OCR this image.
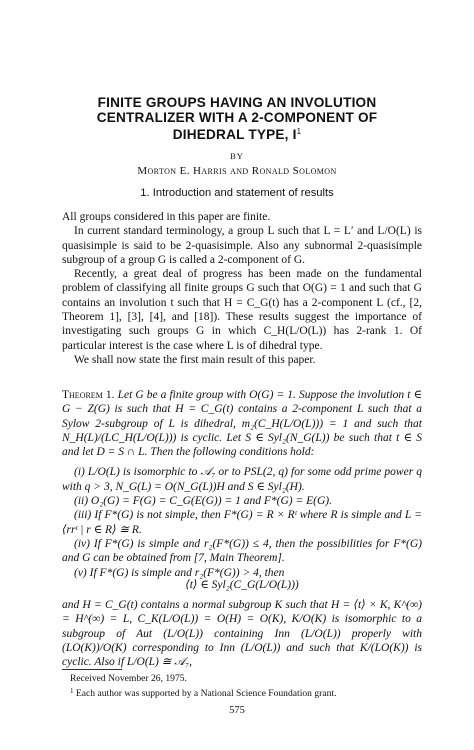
FINITE GROUPS HAVING AN INVOLUTION
CENTRALIZER WITH A 2-COMPONENT OF
DIHEDRAL TYPE, $I^1$
BY
Morton E. Harris and Ronald Solomon
1. Introduction and statement of results

All groups considered in this paper are finite.

In current standard terminology, a group L such that L = L′ and L/O(L) is quasisimple is said to be 2-quasisimple. Also any subnormal 2-quasisimple subgroup of a group G is called a 2-component of G.

Recently, a great deal of progress has been made on the fundamental problem of classifying all finite groups G such that O(G) = 1 and such that G contains an involution t such that H = C_G(t) has a 2-component L (cf., [2, Theorem 1], [3], [4], and [18]). These results suggest the importance of investigating such groups G in which C_H(L/O(L)) has 2-rank 1. Of particular interest is the case where L is of dihedral type.

We shall now state the first main result of this paper.

Theorem 1. Let G be a finite group with O(G) = 1. Suppose the involution t ∈ G − Z(G) is such that H = C_G(t) contains a 2-component L such that a Sylow 2-subgroup of L is dihedral, m₂(C_H(L/O(L))) = 1 and such that N_H(L)/(LC_H(L/O(L))) is cyclic. Let S ∈ Syl₂(N_G(L)) be such that t ∈ S and let D = S ∩ L. Then the following conditions hold:

(i) L/O(L) is isomorphic to 𝒜₇ or to PSL(2, q) for some odd prime power q with q > 3, N_G(L) = O(N_G(L))H and S ∈ Syl₂(H).

(ii) O₂(G) = F(G) = C_G(E(G)) = 1 and F*(G) = E(G).

(iii) If F*(G) is not simple, then F*(G) = R × Rᵗ where R is simple and L = ⟨rrᵗ | r ∈ R⟩ ≅ R.

(iv) If F*(G) is simple and r₂(F*(G)) ≤ 4, then the possibilities for F*(G) and G can be obtained from [7, Main Theorem].

(v) If F*(G) is simple and r₂(F*(G)) > 4, then

⟨t⟩ ∈ Syl₂(C_G(L/O(L)))
and H = C_G(t) contains a normal subgroup K such that H = ⟨t⟩ × K, K^(∞) = H^(∞) = L, C_K(L/O(L)) = O(H) = O(K), K/O(K) is isomorphic to a subgroup of Aut (L/O(L)) containing Inn (L/O(L)) properly with (LO(K))/O(K) corresponding to Inn (L/O(L)) and such that K/(LO(K)) is cyclic. Also if L/O(L) ≅ 𝒜₇,
Received November 26, 1975.
$^1$ Each author was supported by a National Science Foundation grant.
575
